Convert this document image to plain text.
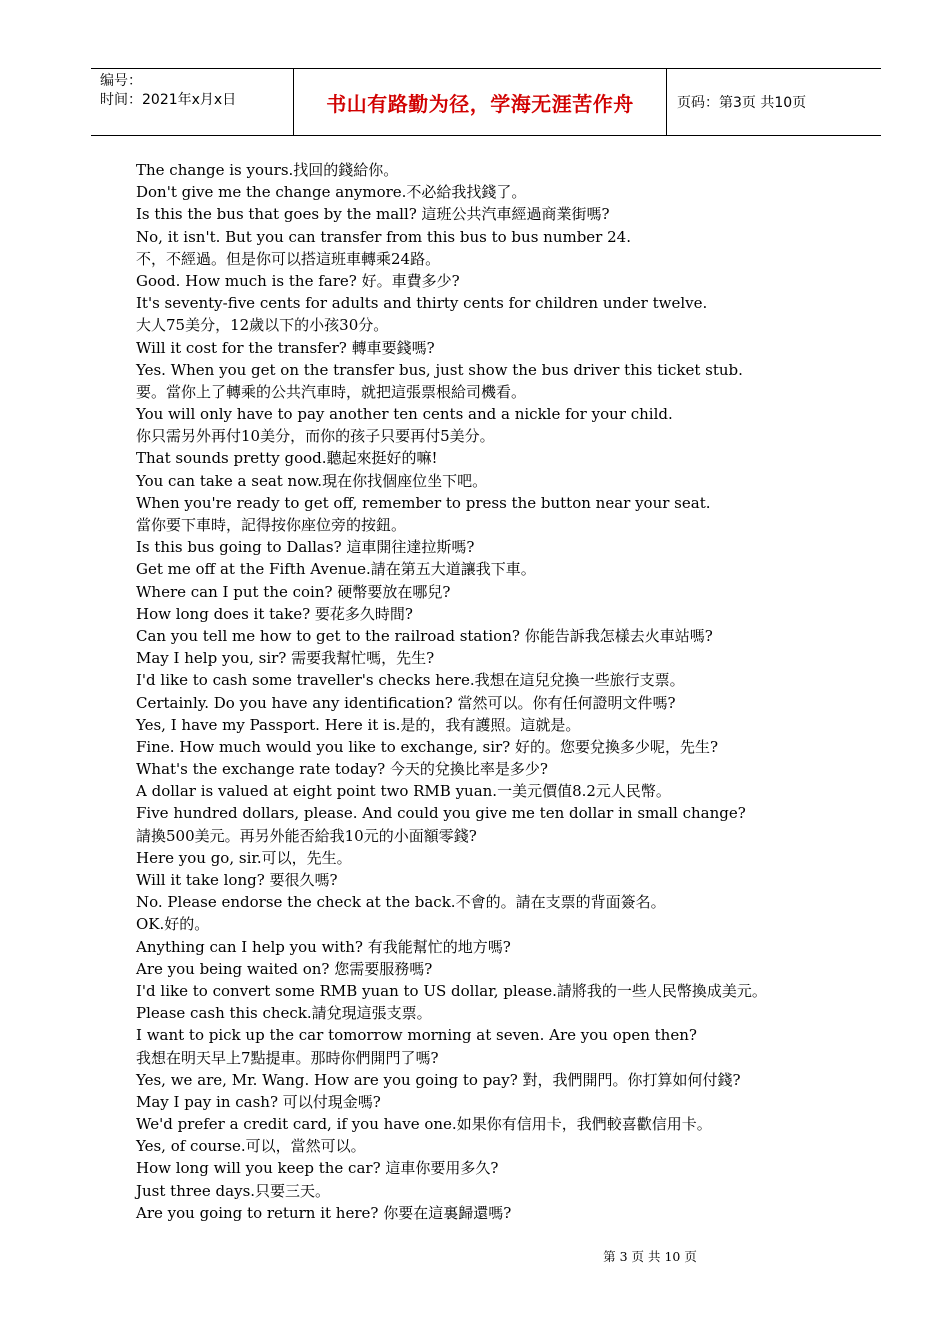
编号：
时间：2021年x月x日	书山有路勤为径，学海无涯苦作舟	页码：第3页 共10页
The change is yours.找回的錢給你。
Don't give me the change anymore.不必給我找錢了。
Is this the bus that goes by the mall? 這班公共汽車經過商業街嗎?
No, it isn't. But you can transfer from this bus to bus number 24.
不，不經過。但是你可以搭這班車轉乘24路。
Good. How much is the fare? 好。車費多少?
It's seventy-five cents for adults and thirty cents for children under twelve.
大人75美分，12歲以下的小孩30分。
Will it cost for the transfer? 轉車要錢嗎?
Yes. When you get on the transfer bus, just show the bus driver this ticket stub.
要。當你上了轉乘的公共汽車時，就把這張票根給司機看。
You will only have to pay another ten cents and a nickle for your child.
你只需另外再付10美分，而你的孩子只要再付5美分。
That sounds pretty good.聽起來挺好的嘛!
You can take a seat now.現在你找個座位坐下吧。
When you're ready to get off, remember to press the button near your seat.
當你要下車時，記得按你座位旁的按鈕。
Is this bus going to Dallas? 這車開往達拉斯嗎?
Get me off at the Fifth Avenue.請在第五大道讓我下車。
Where can I put the coin? 硬幣要放在哪兒?
How long does it take? 要花多久時間?
Can you tell me how to get to the railroad station? 你能告訴我怎樣去火車站嗎?
May I help you, sir? 需要我幫忙嗎，先生?
I'd like to cash some traveller's checks here.我想在這兒兌換一些旅行支票。
Certainly. Do you have any identification? 當然可以。你有任何證明文件嗎?
Yes, I have my Passport. Here it is.是的，我有護照。這就是。
Fine. How much would you like to exchange, sir? 好的。您要兌換多少呢，先生?
What's the exchange rate today? 今天的兌換比率是多少?
A dollar is valued at eight point two RMB yuan.一美元價值8.2元人民幣。
Five hundred dollars, please. And could you give me ten dollar in small change?
請換500美元。再另外能否給我10元的小面額零錢?
Here you go, sir.可以，先生。
Will it take long? 要很久嗎?
No. Please endorse the check at the back.不會的。請在支票的背面簽名。
OK.好的。
Anything can I help you with? 有我能幫忙的地方嗎?
Are you being waited on? 您需要服務嗎?
I'd like to convert some RMB yuan to US dollar, please.請將我的一些人民幣換成美元。
Please cash this check.請兌現這張支票。
I want to pick up the car tomorrow morning at seven. Are you open then?
我想在明天早上7點提車。那時你們開門了嗎?
Yes, we are, Mr. Wang. How are you going to pay? 對，我們開門。你打算如何付錢?
May I pay in cash? 可以付現金嗎?
We'd prefer a credit card, if you have one.如果你有信用卡，我們較喜歡信用卡。
Yes, of course.可以，當然可以。
How long will you keep the car? 這車你要用多久?
Just three days.只要三天。
Are you going to return it here? 你要在這裏歸還嗎?
第 3 页 共 10 页
